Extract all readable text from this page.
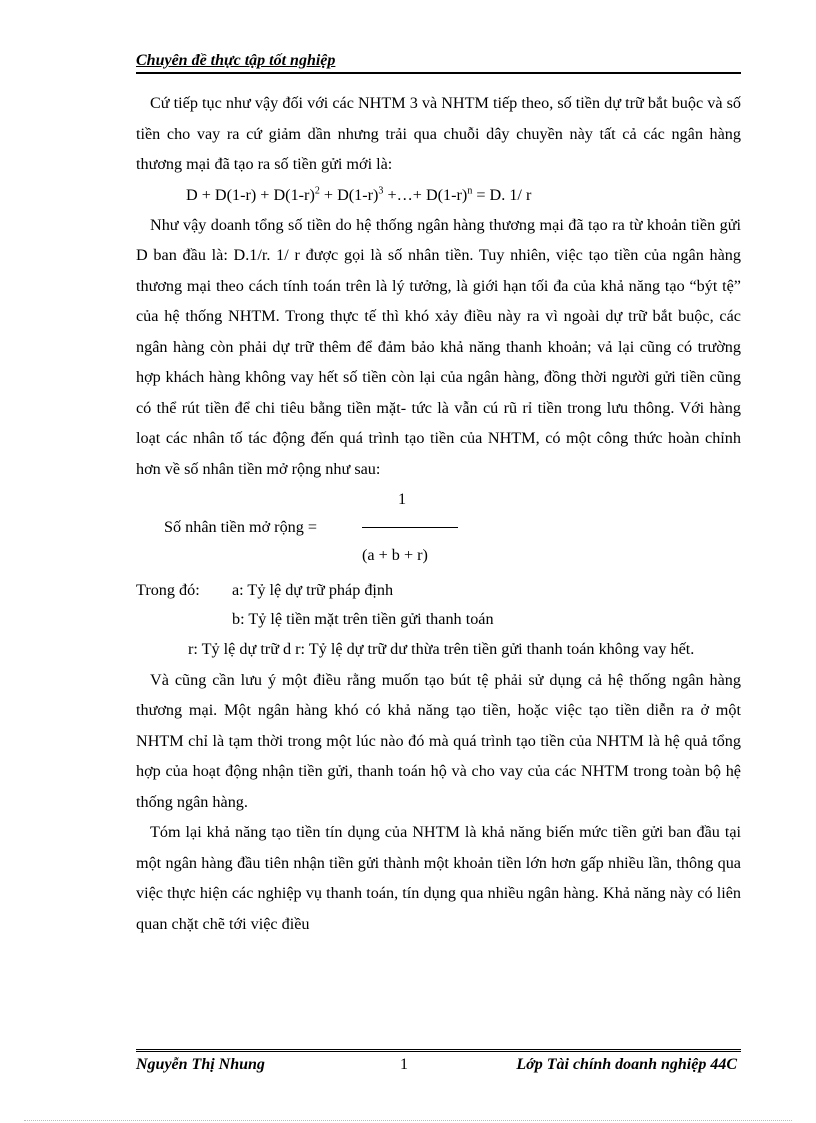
Chuyên đề thực tập tốt nghiệp

Cứ tiếp tục như vậy đối với các NHTM 3 và NHTM tiếp theo, số tiền dự trữ bắt buộc và số tiền cho vay ra cứ giảm dần nhưng trải qua chuỗi dây chuyền này tất cả các ngân hàng thương mại đã tạo ra số tiền gửi mới là:

$D + D(1-r) + D(1-r)^2 + D(1-r)^3$ +…+ $D(1-r)^n = D$. 1/ r

Như vậy doanh tổng số tiền do hệ thống ngân hàng thương mại đã tạo ra từ khoản tiền gửi D ban đầu là: D.1/r. 1/ r được gọi là số nhân tiền. Tuy nhiên, việc tạo tiền của ngân hàng thương mại theo cách tính toán trên là lý tưởng, là giới hạn tối đa của khả năng tạo “být tệ” của hệ thống NHTM. Trong thực tế thì khó xảy điều này ra vì ngoài dự trữ bắt buộc, các ngân hàng còn phải dự trữ thêm để đảm bảo khả năng thanh khoản; vả lại cũng có trường hợp khách hàng không vay hết số tiền còn lại của ngân hàng, đồng thời người gửi tiền cũng có thể rút tiền để chi tiêu bằng tiền mặt- tức là vẫn cú rũ rỉ tiền trong lưu thông. Với hàng loạt các nhân tố tác động đến quá trình tạo tiền của NHTM, có một công thức hoàn chỉnh hơn về số nhân tiền mở rộng như sau:

1
Số nhân tiền mở rộng =
(a + b + r)
Trong đó:	a: Tỷ lệ dự trữ pháp định

b: Tỷ lệ tiền mặt trên tiền gửi thanh toán

r: Tỷ lệ dự trữ d r: Tỷ lệ dự trữ dư thừa trên tiền gửi thanh toán không vay hết.

Và cũng cần lưu ý một điều rằng muốn tạo bút tệ phải sử dụng cả hệ thống ngân hàng thương mại. Một ngân hàng khó có khả năng tạo tiền, hoặc việc tạo tiền diễn ra ở một NHTM chỉ là tạm thời trong một lúc nào đó mà quá trình tạo tiền của NHTM là hệ quả tổng hợp của hoạt động nhận tiền gửi, thanh toán hộ và cho vay của các NHTM trong toàn bộ hệ thống ngân hàng.

Tóm lại khả năng tạo tiền tín dụng của NHTM là khả năng biến mức tiền gửi ban đầu tại một ngân hàng đầu tiên nhận tiền gửi thành một khoản tiền lớn hơn gấp nhiều lần, thông qua việc thực hiện các nghiệp vụ thanh toán, tín dụng qua nhiều ngân hàng. Khả năng này có liên quan chặt chẽ tới việc điều

Nguyễn Thị Nhung	1	Lớp Tài chính doanh nghiệp 44C
